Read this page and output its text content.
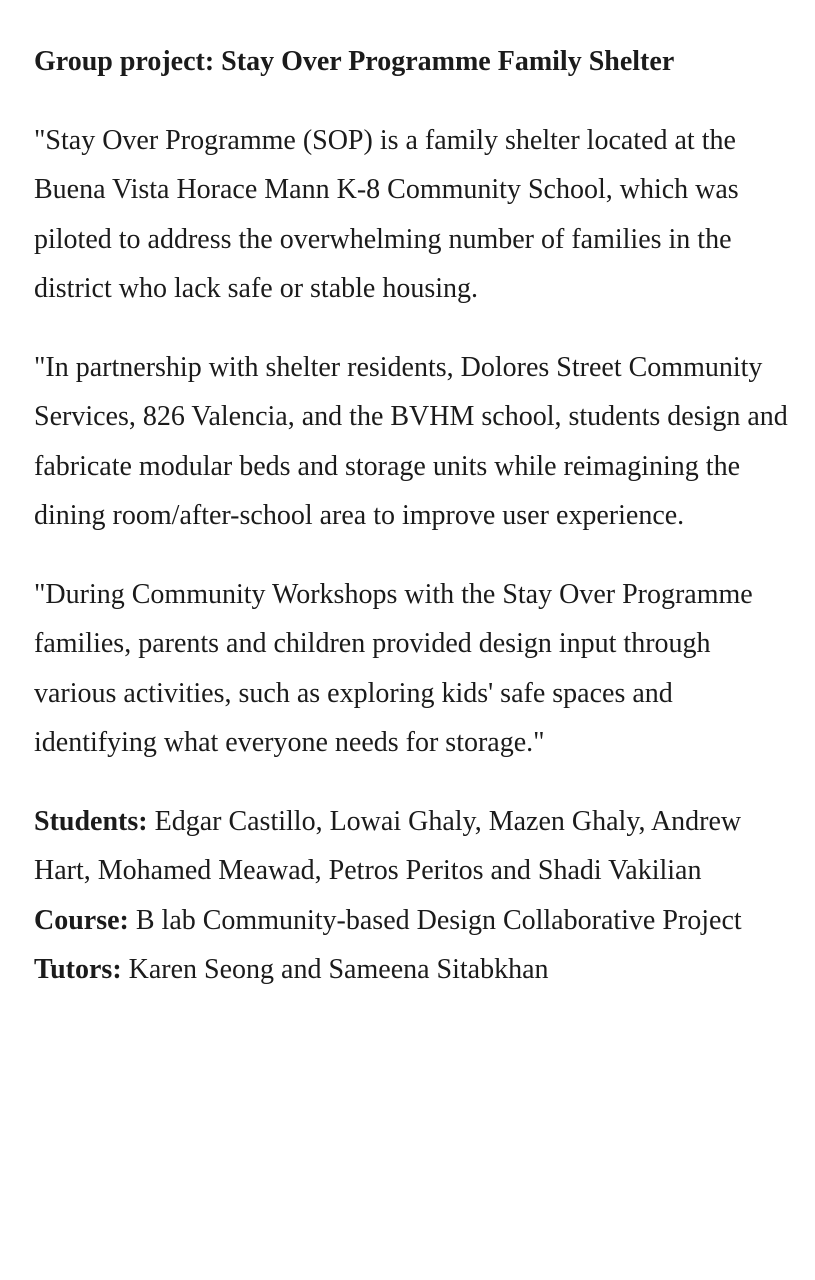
Group project: Stay Over Programme Family Shelter

"Stay Over Programme (SOP) is a family shelter located at the Buena Vista Horace Mann K-8 Community School, which was piloted to address the overwhelming number of families in the district who lack safe or stable housing.

"In partnership with shelter residents, Dolores Street Community Services, 826 Valencia, and the BVHM school, students design and fabricate modular beds and storage units while reimagining the dining room/after-school area to improve user experience.

"During Community Workshops with the Stay Over Programme families, parents and children provided design input through various activities, such as exploring kids' safe spaces and identifying what everyone needs for storage."

Students: Edgar Castillo, Lowai Ghaly, Mazen Ghaly, Andrew Hart, Mohamed Meawad, Petros Peritos and Shadi Vakilian

Course: B lab Community-based Design Collaborative Project

Tutors: Karen Seong and Sameena Sitabkhan
